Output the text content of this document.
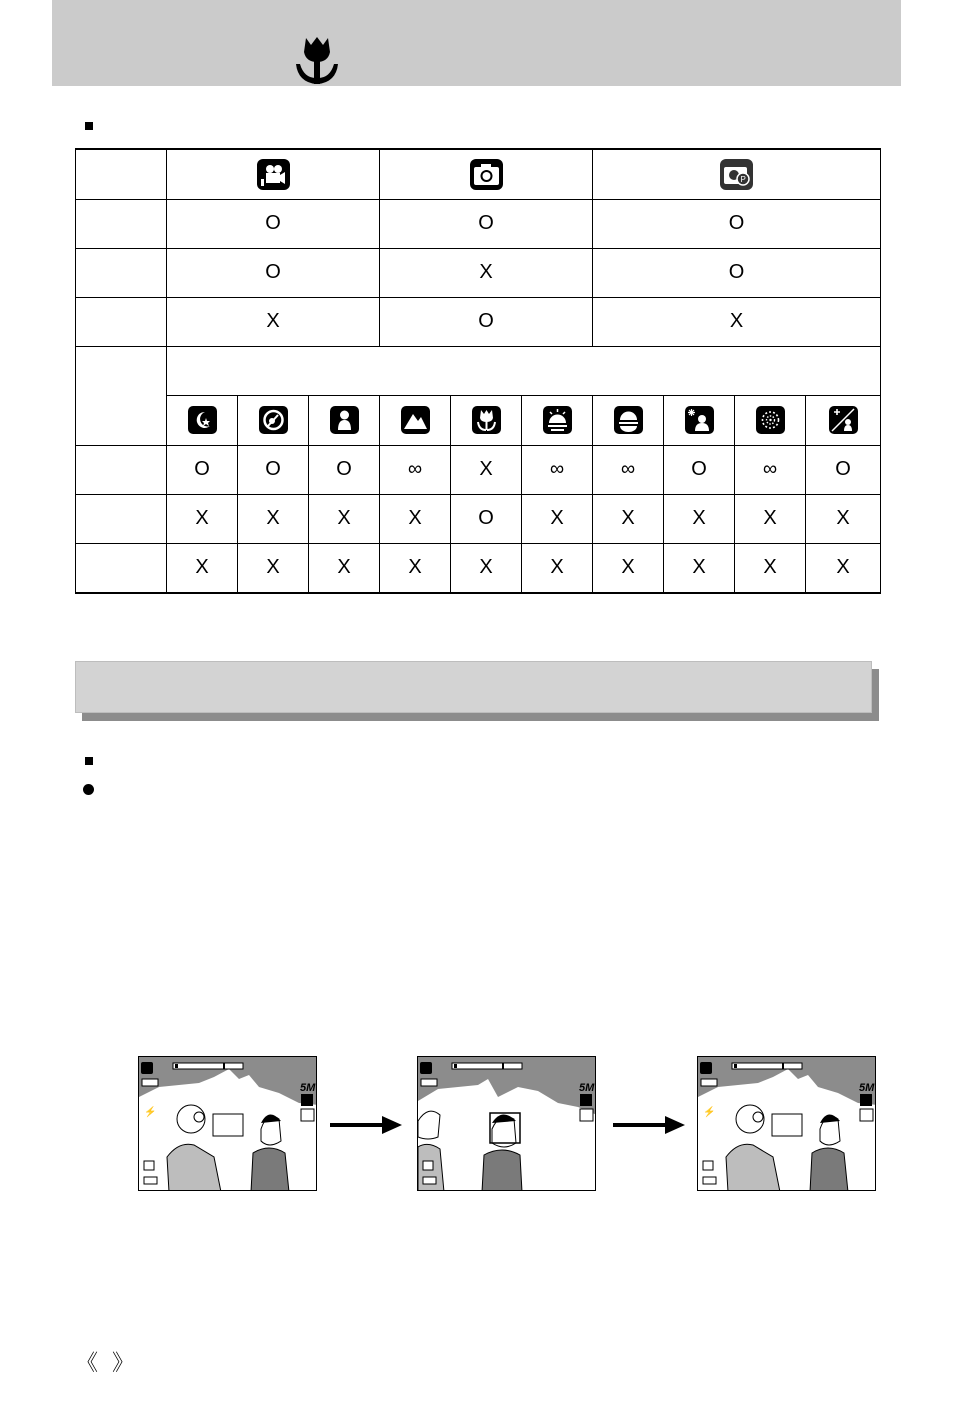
P			

	O			O			O			
	O			X			O			
	X			O			X			

	O	O	O	∞	X	∞	∞	O	∞	O
	X	X	X	X	O	X	X	X	X	X
	X	X	X	X	X	X	X	X	X	X
5M
⚡
5M	5M
⚡
《 》
